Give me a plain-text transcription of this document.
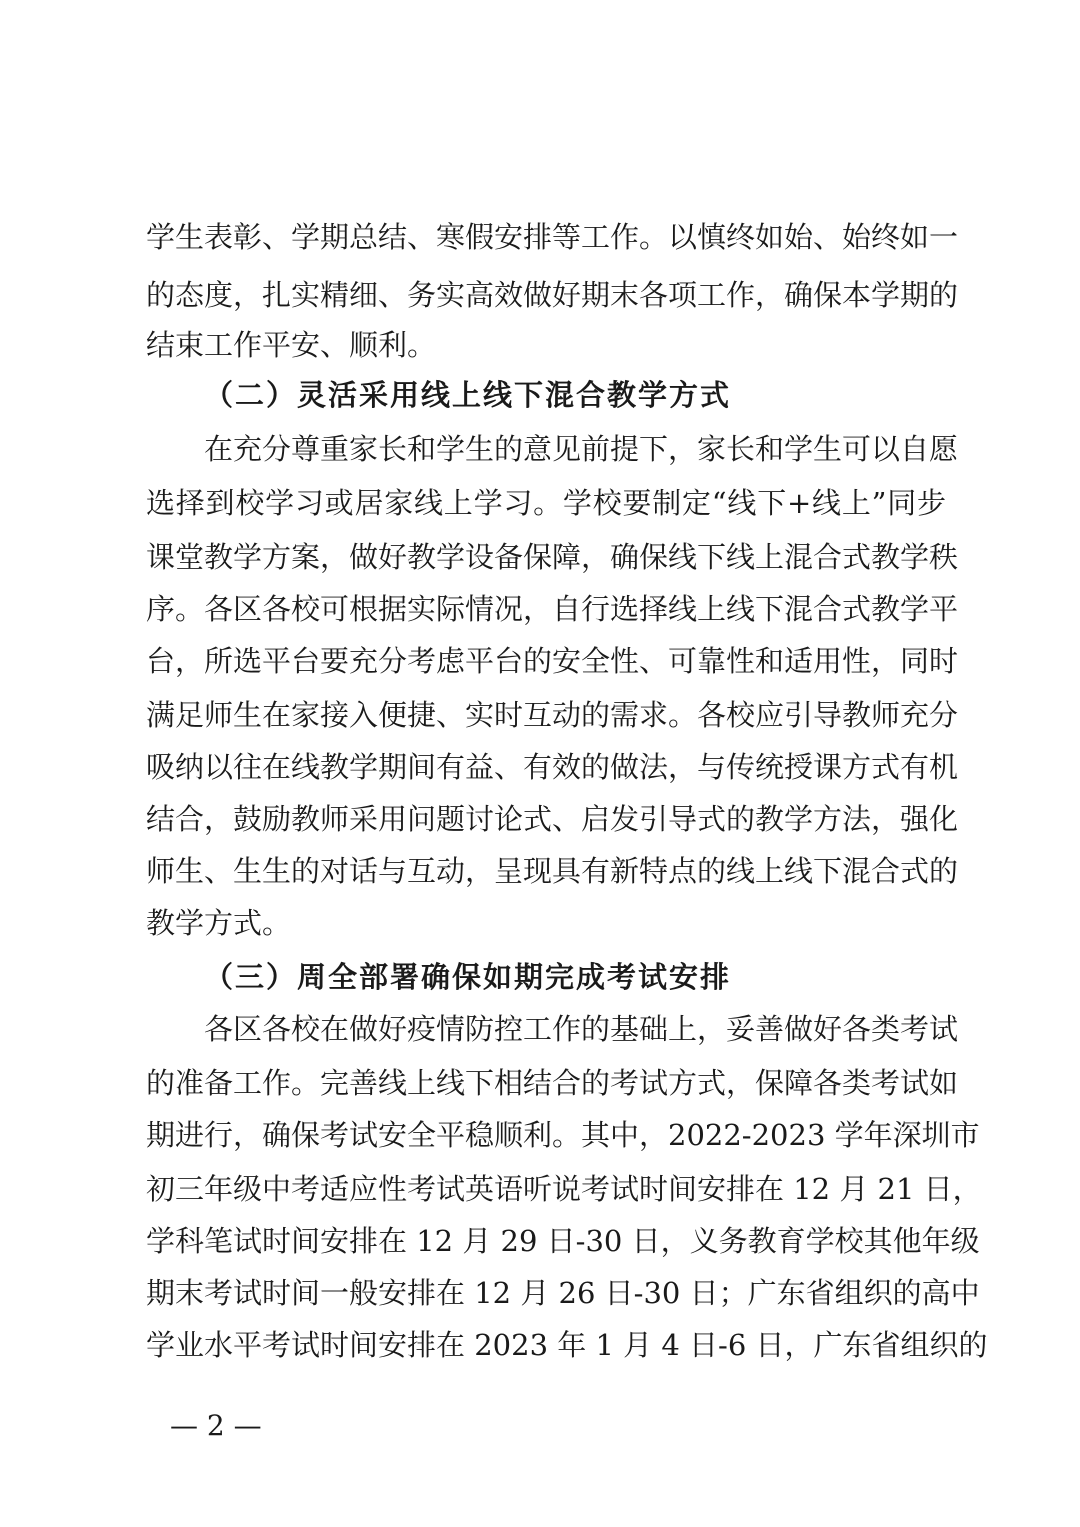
学生表彰、学期总结、寒假安排等工作。以慎终如始、始终如一
的态度，扎实精细、务实高效做好期末各项工作，确保本学期的
结束工作平安、顺利。
（二）灵活采用线上线下混合教学方式
在充分尊重家长和学生的意见前提下，家长和学生可以自愿
选择到校学习或居家线上学习。学校要制定“线下+线上”同步
课堂教学方案，做好教学设备保障，确保线下线上混合式教学秩
序。各区各校可根据实际情况，自行选择线上线下混合式教学平
台，所选平台要充分考虑平台的安全性、可靠性和适用性，同时
满足师生在家接入便捷、实时互动的需求。各校应引导教师充分
吸纳以往在线教学期间有益、有效的做法，与传统授课方式有机
结合，鼓励教师采用问题讨论式、启发引导式的教学方法，强化
师生、生生的对话与互动，呈现具有新特点的线上线下混合式的
教学方式。
（三）周全部署确保如期完成考试安排
各区各校在做好疫情防控工作的基础上，妥善做好各类考试
的准备工作。完善线上线下相结合的考试方式，保障各类考试如
期进行，确保考试安全平稳顺利。其中，2022-2023 学年深圳市
初三年级中考适应性考试英语听说考试时间安排在 12 月 21 日，
学科笔试时间安排在 12 月 29 日-30 日，义务教育学校其他年级
期末考试时间一般安排在 12 月 26 日-30 日；广东省组织的高中
学业水平考试时间安排在 2023 年 1 月 4 日-6 日，广东省组织的
— 2 —
